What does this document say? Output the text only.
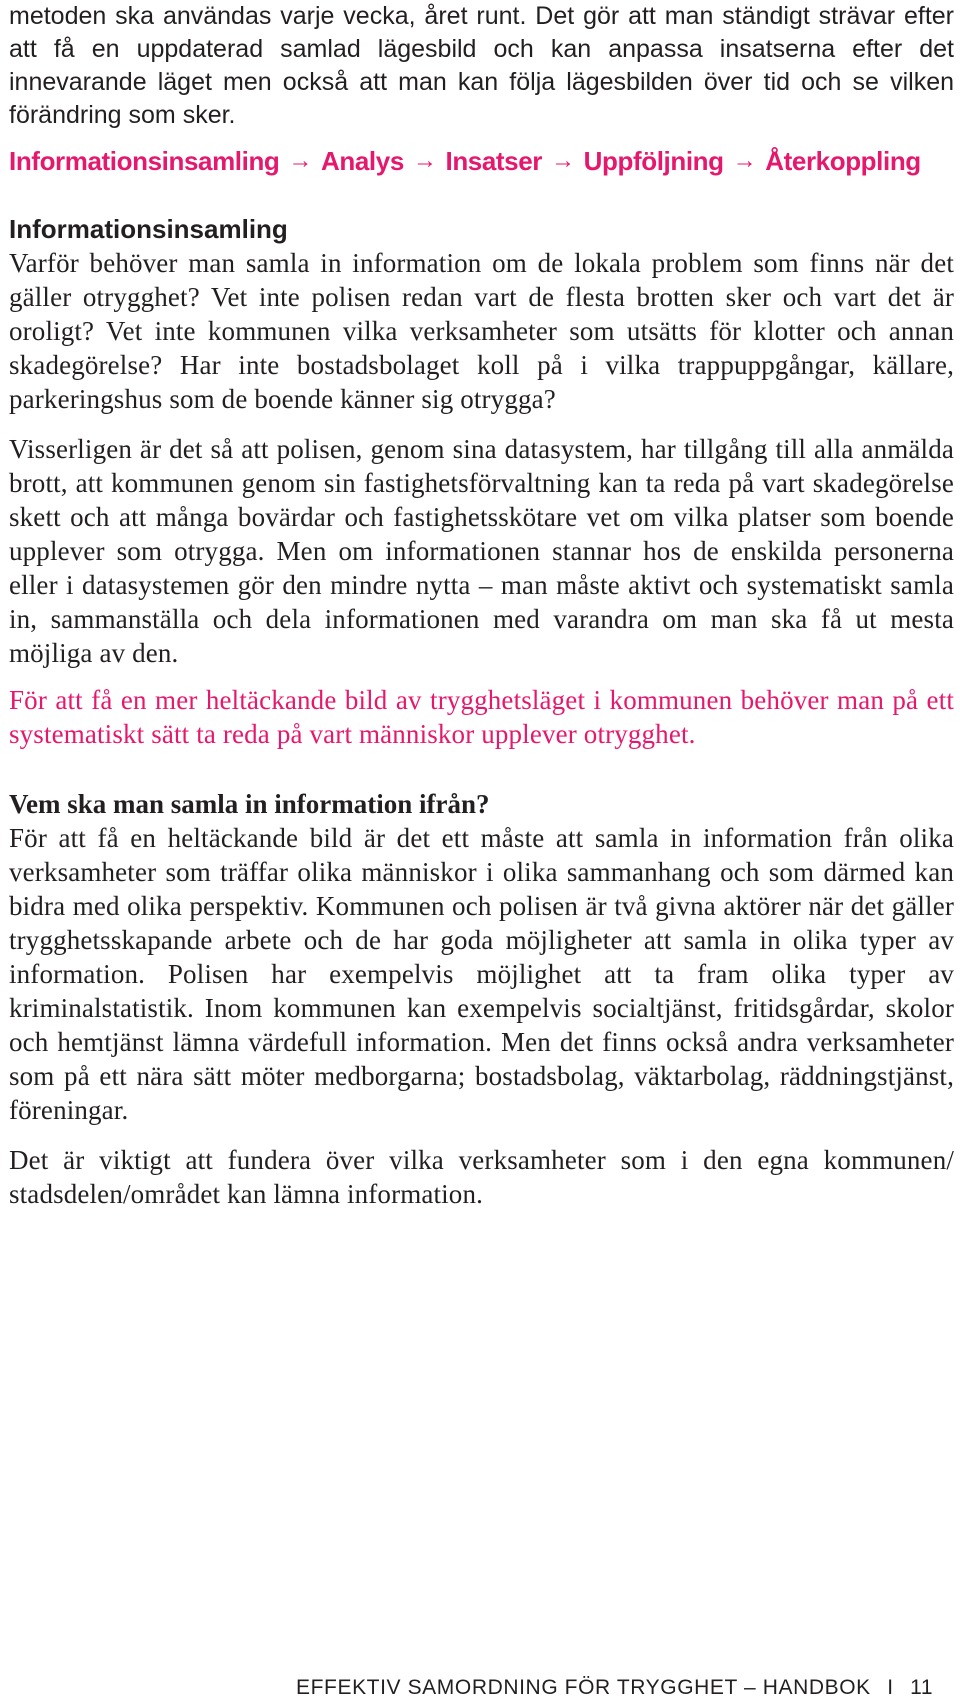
metoden ska användas varje vecka, året runt. Det gör att man ständigt strävar efter att få en uppdaterad samlad lägesbild och kan anpassa insatserna efter det innevarande läget men också att man kan följa lägesbilden över tid och se vilken förändring som sker.

Informationsinsamling → Analys → Insatser → Uppföljning → Återkoppling
Informationsinsamling

Varför behöver man samla in information om de lokala problem som finns när det gäller otrygghet? Vet inte polisen redan vart de flesta brotten sker och vart det är oroligt? Vet inte kommunen vilka verksamheter som utsätts för klotter och annan skadegörelse? Har inte bostadsbolaget koll på i vilka trappuppgångar, källare, parkeringshus som de boende känner sig otrygga?

Visserligen är det så att polisen, genom sina datasystem, har tillgång till alla anmälda brott, att kommunen genom sin fastighetsförvaltning kan ta reda på vart skadegörelse skett och att många bovärdar och fastighetsskötare vet om vilka platser som boende upplever som otrygga. Men om informationen stannar hos de enskilda personerna eller i datasystemen gör den mindre nytta – man måste aktivt och systematiskt samla in, sammanställa och dela informationen med varandra om man ska få ut mesta möjliga av den.

För att få en mer heltäckande bild av trygghetsläget i kommunen behöver man på ett systematiskt sätt ta reda på vart människor upplever otrygghet.

Vem ska man samla in information ifrån?

För att få en heltäckande bild är det ett måste att samla in information från olika verksamheter som träffar olika människor i olika sammanhang och som därmed kan bidra med olika perspektiv. Kommunen och polisen är två givna aktörer när det gäller trygghetsskapande arbete och de har goda möjligheter att samla in olika typer av information. Polisen har exempelvis möjlighet att ta fram olika typer av kriminalstatistik. Inom kommunen kan exempelvis socialtjänst, fritidsgårdar, skolor och hemtjänst lämna värdefull information. Men det finns också andra verksamheter som på ett nära sätt möter medborgarna; bostadsbolag, väktarbolag, räddningstjänst, föreningar.

Det är viktigt att fundera över vilka verksamheter som i den egna kommunen/ stadsdelen/området kan lämna information.

EFFEKTIV SAMORDNING FÖR TRYGGHET – HANDBOK I 11
